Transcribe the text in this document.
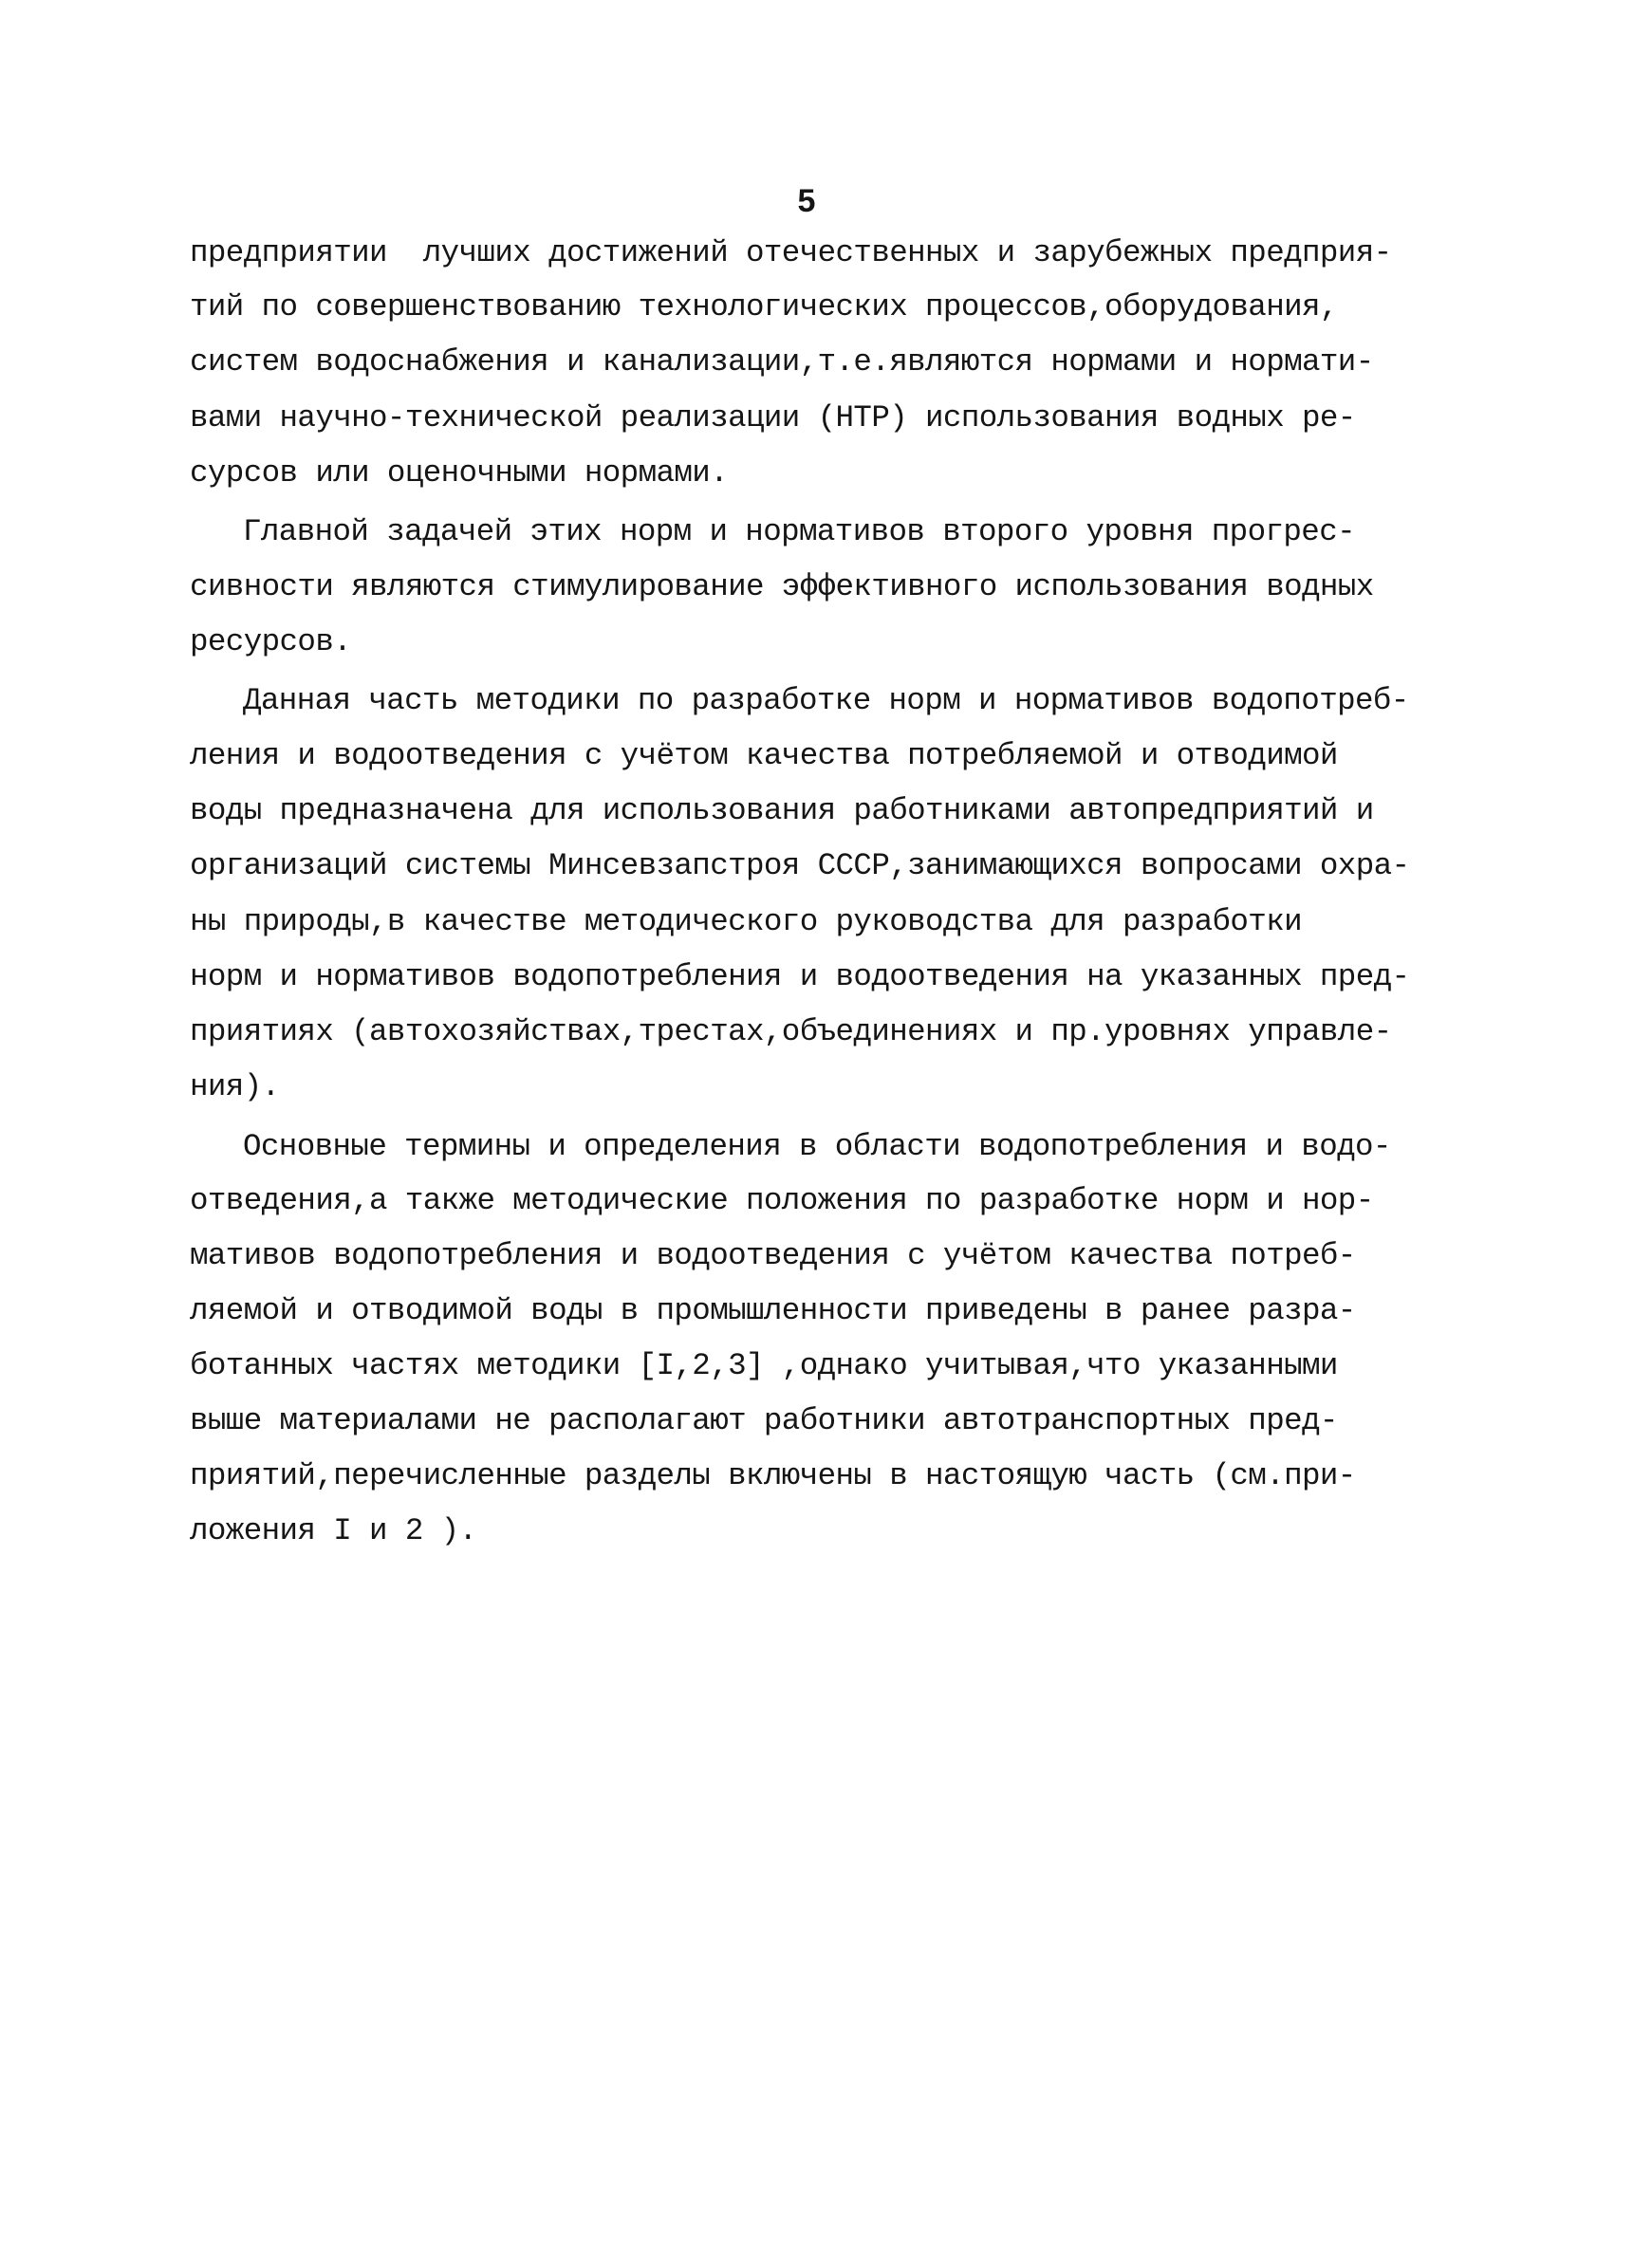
5
предприятии  лучших достижений отечественных и зарубежных предприя-
тий по совершенствованию технологических процессов,оборудования,
систем водоснабжения и канализации,т.е.являются нормами и нормати-
вами научно-технической реализации (НТР) использования водных ре-
сурсов или оценочными нормами.
Главной задачей этих норм и нормативов второго уровня прогрес-
сивности являются стимулирование эффективного использования водных
ресурсов.
Данная часть методики по разработке норм и нормативов водопотреб-
ления и водоотведения с учётом качества потребляемой и отводимой
воды предназначена для использования работниками автопредприятий и
организаций системы Минсевзапстроя СССР,занимающихся вопросами охра-
ны природы,в качестве методического руководства для разработки
норм и нормативов водопотребления и водоотведения на указанных пред-
приятиях (автохозяйствах,трестах,объединениях и пр.уровнях управле-
ния).
Основные термины и определения в области водопотребления и водо-
отведения,а также методические положения по разработке норм и нор-
мативов водопотребления и водоотведения с учётом качества потреб-
ляемой и отводимой воды в промышленности приведены в ранее разра-
ботанных частях методики [I,2,3] ,однако учитывая,что указанными
выше материалами не располагают работники автотранспортных пред-
приятий,перечисленные разделы включены в настоящую часть (см.при-
ложения I и 2 ).
